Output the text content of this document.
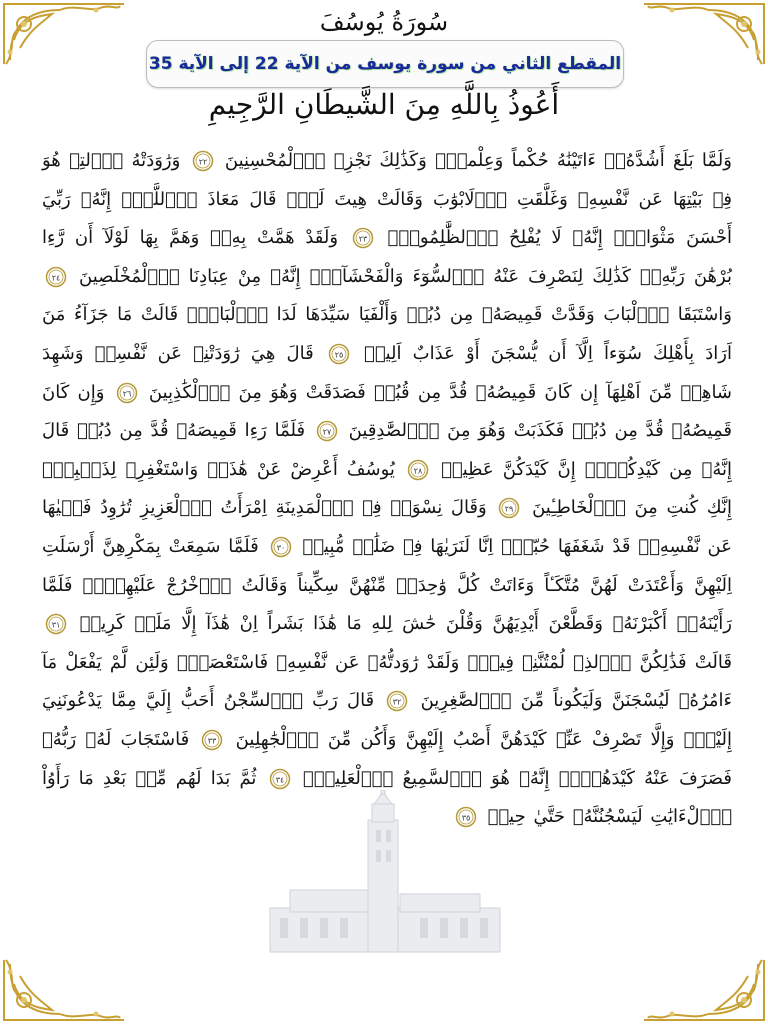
سُورَةُ يُوسُفَ
المقطع الثاني من سورة يوسف من الآية 22 إلى الآية 35
أَعُوذُ بِاللَّهِ مِنَ الشَّيطَانِ الرَّجِيمِ
وَلَمَّا بَلَغَ أَشُدَّهُۥٓ ءَاتَيْنَٰهُ حُكْماً وَعِلْماًۖ وَكَذَٰلِكَ نَجْزِے اِ۬لْمُحْسِنِينَ
٢٢
وَرَٰوَدَتْهُ اُ۬لتِے هُوَ فِے بَيْتِهَا عَن نَّفْسِهِۦ وَغَلَّقَتِ اِ۬لَابْوَٰبَ وَقَالَتْ هِيتَ لَكَۖ قَالَ مَعَاذَ اَ۬للَّهِۖ إِنَّهُۥ رَبِّيَ أَحْسَنَ مَثْوَايَۖ إِنَّهُۥ لَا يُفْلِحُ اُ۬لظَّٰلِمُونَۖ
٢٣
وَلَقَدْ هَمَّتْ بِهِۦۖ وَهَمَّ بِهَا لَوْلَآ أَن رَّءِا بُرْهَٰنَ رَبِّهِۦۖ كَذَٰلِكَ لِنَصْرِفَ عَنْهُ اُ۬لسُّوٓءَ وَالْفَحْشَآءَۖ إِنَّهُۥ مِنْ عِبَادِنَا اَ۬لْمُخْلَصِينَ
٢٤
وَاسْتَبَقَا اَ۬لْبَابَ وَقَدَّتْ قَمِيصَهُۥ مِن دُبُرٖ وَأَلْفَيَا سَيِّدَهَا لَدَا اَ۬لْبَابِۖ قَالَتْ مَا جَزَآءُ مَنَ اَرَادَ بِأَهْلِكَ سُوٓءاً اِلَّآ أَن يُّسْجَنَ أَوْ عَذَابٌ اَلِيمٞ
٢٥
قَالَ هِيَ رَٰوَدَتْنِے عَن نَّفْسِےۖ وَشَهِدَ شَاهِدٞ مِّنَ اَهْلِهَآ إِن كَانَ قَمِيصُهُۥ قُدَّ مِن قُبُلٖ فَصَدَقَتْ وَهُوَ مِنَ اَ۬لْكَٰذِبِينَ
٢٦
وَإِن كَانَ قَمِيصُهُۥ قُدَّ مِن دُبُرٖ فَكَذَبَتْ وَهُوَ مِنَ اَ۬لصَّٰدِقِينَ
٢٧
فَلَمَّا رَءِا قَمِيصَهُۥ قُدَّ مِن دُبُرٖ قَالَ إِنَّهُۥ مِن كَيْدِكُنَّۖ إِنَّ كَيْدَكُنَّ عَظِيمٞ
٢٨
يُوسُفُ أَعْرِضْ عَنْ هَٰذَاۚ وَاسْتَغْفِرِے لِذَنۢبِكِۖ إِنَّكِ كُنتِ مِنَ اَ۬لْخَاطِـِٔينَ
٢٩
وَقَالَ نِسْوَةٞ فِے اِ۬لْمَدِينَةِ اِمْرَأَتُ اُ۬لْعَزِيزِ تُرَٰوِدُ فَت۪يٰهَا عَن نَّفْسِهِۦۖ قَدْ شَغَفَهَا حُبّاًۖ اِنَّا لَنَرَيٰهَا فِے ضَلَٰلٖ مُّبِينٖ
٣٠
فَلَمَّا سَمِعَتْ بِمَكْرِهِنَّ أَرْسَلَتِ اِلَيْهِنَّ وَأَعْتَدَتْ لَهُنَّ مُتَّكَـٔاً وَءَاتَتْ كُلَّ وَٰحِدَةٖ مِّنْهُنَّ سِكِّيناً وَقَالَتُ اُ۟خْرُجْ عَلَيْهِنَّۖ فَلَمَّا رَأَيْنَهُۥٓ أَكْبَرْنَهُۥ وَقَطَّعْنَ أَيْدِيَهُنَّ وَقُلْنَ حَٰشَ لِلهِ مَا هَٰذَا بَشَراً اِنْ هَٰذَآ إِلَّا مَلَكٞ كَرِيمٞ
٣١
قَالَتْ فَذَٰلِكُنَّ اَ۬لذِے لُمْتُنَّنِے فِيهِۖ وَلَقَدْ رَٰوَدتُّهُۥ عَن نَّفْسِهِۦ فَاسْتَعْصَمَۖ وَلَئِن لَّمْ يَفْعَلْ مَآ ءَامُرُهُۥ لَيُسْجَنَنَّ وَلَيَكُوناً مِّنَ اَ۬لصَّٰغِرِينَ
٣٢
قَالَ رَبِّ اِ۬لسِّجْنُ أَحَبُّ إِلَيَّ مِمَّا يَدْعُونَنِيَ إِلَيْهِۖ وَإِلَّا تَصْرِفْ عَنِّے كَيْدَهُنَّ أَصْبُ إِلَيْهِنَّ وَأَكُن مِّنَ اَ۬لْجَٰهِلِينَ
٣٣
فَاسْتَجَابَ لَهُۥ رَبُّهُۥ فَصَرَفَ عَنْهُ كَيْدَهُنَّۖ إِنَّهُۥ هُوَ اَ۬لسَّمِيعُ اُ۬لْعَلِيمُۖ
٣٤
ثُمَّ بَدَا لَهُم مِّنۢ بَعْدِ مَا رَأَوُاْ اُ۬لْءَايَٰتِ لَيَسْجُنُنَّهُۥ حَتَّيٰ حِينٖ
٣٥
